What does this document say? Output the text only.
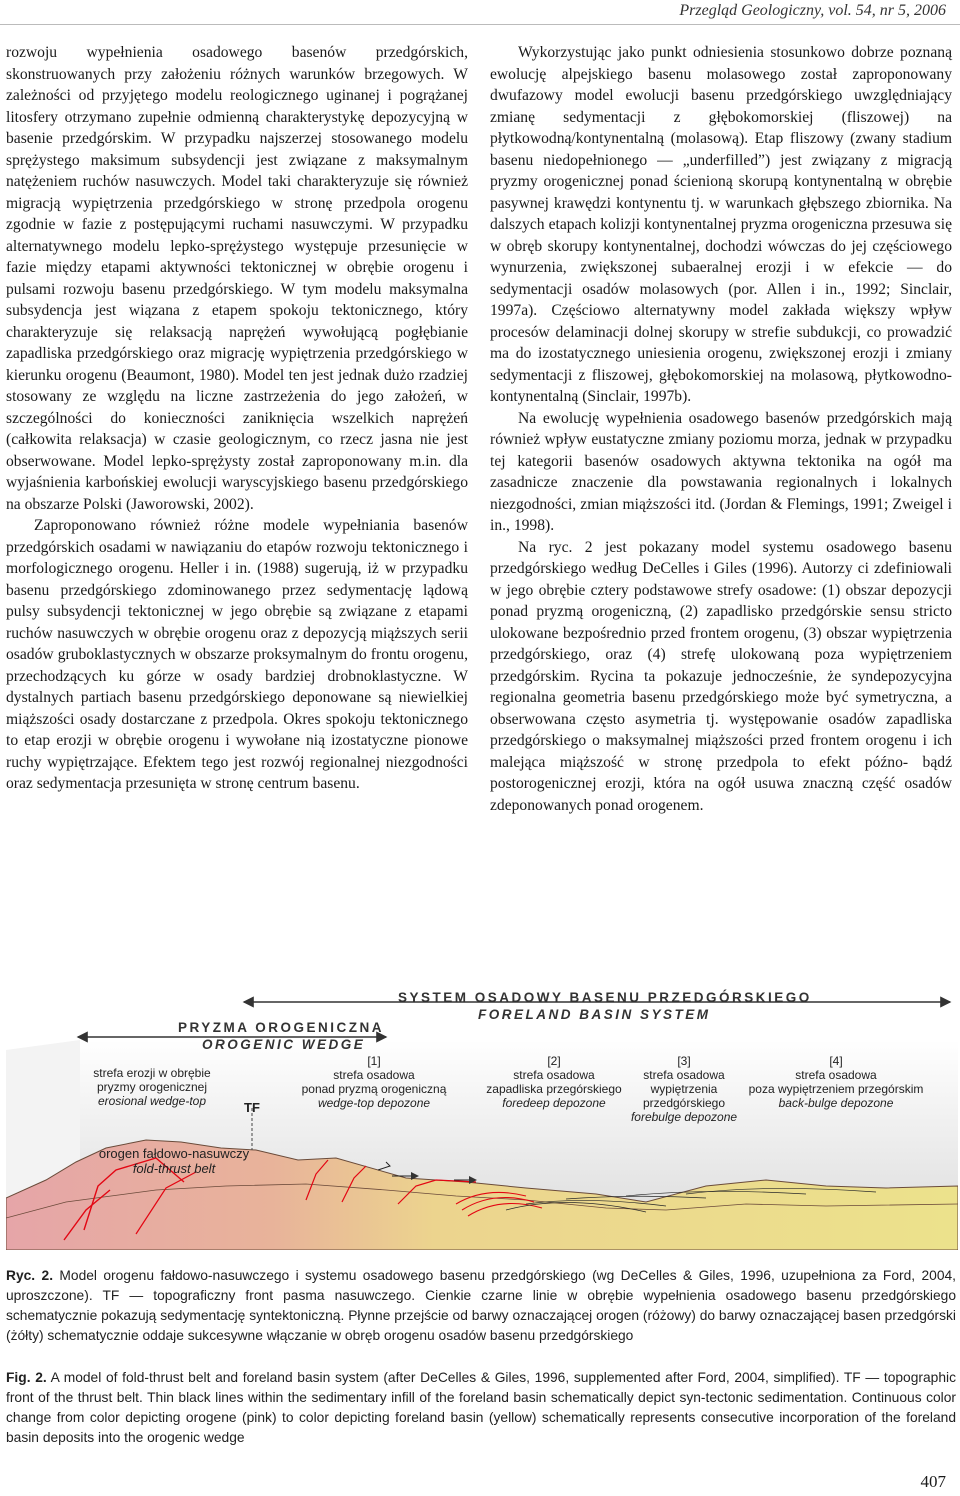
Przegląd Geologiczny, vol. 54, nr 5, 2006

rozwoju wypełnienia osadowego basenów przedgórskich, skonstruowanych przy założeniu różnych warunków brzegowych. W zależności od przyjętego modelu reologicznego uginanej i pogrążanej litosfery otrzymano zupełnie odmienną charakterystykę depozycyjną w basenie przedgórskim. W przypadku najszerzej stosowanego modelu sprężystego maksimum subsydencji jest związane z maksymalnym natężeniem ruchów nasuwczych. Model taki charakteryzuje się również migracją wypiętrzenia przedgórskiego w stronę przedpola orogenu zgodnie w fazie z postępującymi ruchami nasuwczymi. W przypadku alternatywnego modelu lepko-sprężystego występuje przesunięcie w fazie między etapami aktywności tektonicznej w obrębie orogenu i pulsami rozwoju basenu przedgórskiego. W tym modelu maksymalna subsydencja jest wiązana z etapem spokoju tektonicznego, który charakteryzuje się relaksacją naprężeń wywołującą pogłębianie zapadliska przedgórskiego oraz migrację wypiętrzenia przedgórskiego w kierunku orogenu (Beaumont, 1980). Model ten jest jednak dużo rzadziej stosowany ze względu na liczne zastrzeżenia do jego założeń, w szczególności do konieczności zaniknięcia wszelkich naprężeń (całkowita relaksacja) w czasie geologicznym, co rzecz jasna nie jest obserwowane. Model lepko-sprężysty został zaproponowany m.in. dla wyjaśnienia karbońskiej ewolucji waryscyjskiego basenu przedgórskiego na obszarze Polski (Jaworowski, 2002).

Zaproponowano również różne modele wypełniania basenów przedgórskich osadami w nawiązaniu do etapów rozwoju tektonicznego i morfologicznego orogenu. Heller i in. (1988) sugerują, iż w przypadku basenu przedgórskiego zdominowanego przez sedymentację lądową pulsy subsydencji tektonicznej w jego obrębie są związane z etapami ruchów nasuwczych w obrębie orogenu oraz z depozycją miąższych serii osadów gruboklastycznych w obszarze proksymalnym do frontu orogenu, przechodzących ku górze w osady bardziej drobnoklastyczne. W dystalnych partiach basenu przedgórskiego deponowane są niewielkiej miąższości osady dostarczane z przedpola. Okres spokoju tektonicznego to etap erozji w obrębie orogenu i wywołane nią izostatyczne pionowe ruchy wypiętrzające. Efektem tego jest rozwój regionalnej niezgodności oraz sedymentacja przesunięta w stronę centrum basenu.

Wykorzystując jako punkt odniesienia stosunkowo dobrze poznaną ewolucję alpejskiego basenu molasowego został zaproponowany dwufazowy model ewolucji basenu przedgórskiego uwzględniający zmianę sedymentacji z głębokomorskiej (fliszowej) na płytkowodną/kontynentalną (molasową). Etap fliszowy (zwany stadium basenu niedopełnionego — „underfilled”) jest związany z migracją pryzmy orogenicznej ponad ścienioną skorupą kontynentalną w obrębie pasywnej krawędzi kontynentu tj. w warunkach głębszego zbiornika. Na dalszych etapach kolizji kontynentalnej pryzma orogeniczna przesuwa się w obręb skorupy kontynentalnej, dochodzi wówczas do jej częściowego wynurzenia, zwiększonej subaeralnej erozji i w efekcie — do sedymentacji osadów molasowych (por. Allen i in., 1992; Sinclair, 1997a). Częściowo alternatywny model zakłada większy wpływ procesów delaminacji dolnej skorupy w strefie subdukcji, co prowadzić ma do izostatycznego uniesienia orogenu, zwiększonej erozji i zmiany sedymentacji z fliszowej, głębokomorskiej na molasową, płytkowodno-kontynentalną (Sinclair, 1997b).

Na ewolucję wypełnienia osadowego basenów przedgórskich mają również wpływ eustatyczne zmiany poziomu morza, jednak w przypadku tej kategorii basenów osadowych aktywna tektonika na ogół ma zasadnicze znaczenie dla powstawania regionalnych i lokalnych niezgodności, zmian miąższości itd. (Jordan & Flemings, 1991; Zweigel i in., 1998).

Na ryc. 2 jest pokazany model systemu osadowego basenu przedgórskiego według DeCelles i Giles (1996). Autorzy ci zdefiniowali w jego obrębie cztery podstawowe strefy osadowe: (1) obszar depozycji ponad pryzmą orogeniczną, (2) zapadlisko przedgórskie sensu stricto ulokowane bezpośrednio przed frontem orogenu, (3) obszar wypiętrzenia przedgórskiego, oraz (4) strefę ulokowaną poza wypiętrzeniem przedgórskim. Rycina ta pokazuje jednocześnie, że syndepozycyjna regionalna geometria basenu przedgórskiego może być symetryczna, a obserwowana często asymetria tj. występowanie osadów zapadliska przedgórskiego o maksymalnej miąższości przed frontem orogenu i ich malejąca miąższość w stronę przedpola to efekt późno- bądź postorogenicznej erozji, która na ogół usuwa znaczną część osadów zdeponowanych ponad orogenem.

SYSTEM OSADOWY BASENU PRZEDGÓRSKIEGO
FORELAND BASIN SYSTEM
PRYZMA OROGENICZNA
OROGENIC WEDGE
strefa erozji w obrębie
pryzmy orogenicznej
erosional wedge-top	TF
[1]
strefa osadowa
ponad pryzmą orogeniczną
wedge-top depozone
[2]
strefa osadowa
zapadliska przegórskiego
foredeep depozone
[3]
strefa osadowa
wypiętrzenia
przedgórskiego
forebulge depozone
[4]
strefa osadowa
poza wypiętrzeniem przegórskim
back-bulge depozone
orogen fałdowo-nasuwczy
fold-thrust belt
Ryc. 2. Model orogenu fałdowo-nasuwczego i systemu osadowego basenu przedgórskiego (wg DeCelles & Giles, 1996, uzupełniona za Ford, 2004, uproszczone). TF — topograficzny front pasma nasuwczego. Cienkie czarne linie w obrębie wypełnienia osadowego basenu przedgórskiego schematycznie pokazują sedymentację syntektoniczną. Płynne przejście od barwy oznaczającej orogen (różowy) do barwy oznaczającej basen przedgórski (żółty) schematycznie oddaje sukcesywne włączanie w obręb orogenu osadów basenu przedgórskiego
Fig. 2. A model of fold-thrust belt and foreland basin system (after DeCelles & Giles, 1996, supplemented after Ford, 2004, simplified). TF — topographic front of the thrust belt. Thin black lines within the sedimentary infill of the foreland basin schematically depict syn-tectonic sedimentation. Continuous color change from color depicting orogene (pink) to color depicting foreland basin (yellow) schematically represents consecutive incorporation of the foreland basin deposits into the orogenic wedge
407
